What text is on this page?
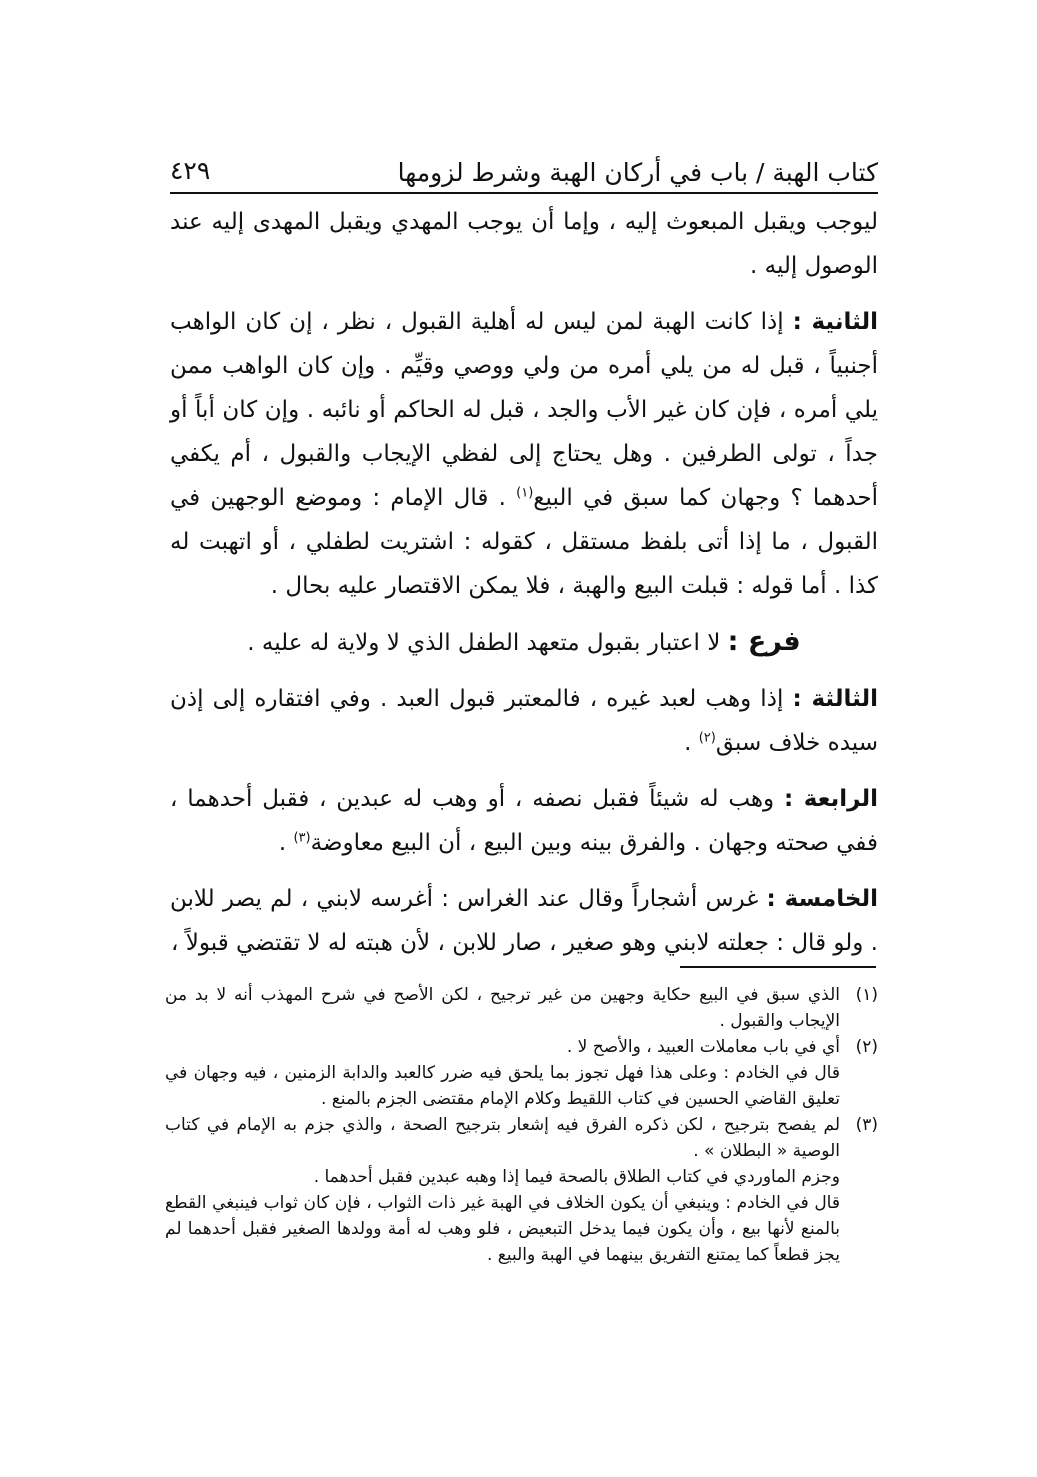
كتاب الهبة / باب في أركان الهبة وشرط لزومها
٤٢٩

ليوجب ويقبل المبعوث إليه ، وإما أن يوجب المهدي ويقبل المهدى إليه عند الوصول إليه .

الثانية : إذا كانت الهبة لمن ليس له أهلية القبول ، نظر ، إن كان الواهب أجنبياً ، قبل له من يلي أمره من ولي ووصي وقيِّم . وإن كان الواهب ممن يلي أمره ، فإن كان غير الأب والجد ، قبل له الحاكم أو نائبه . وإن كان أباً أو جداً ، تولى الطرفين . وهل يحتاج إلى لفظي الإيجاب والقبول ، أم يكفي أحدهما ؟ وجهان كما سبق في البيع$^{(١)}$ . قال الإمام : وموضع الوجهين في القبول ، ما إذا أتى بلفظ مستقل ، كقوله : اشتريت لطفلي ، أو اتهبت له كذا . أما قوله : قبلت البيع والهبة ، فلا يمكن الاقتصار عليه بحال .

فرع : لا اعتبار بقبول متعهد الطفل الذي لا ولاية له عليه .

الثالثة : إذا وهب لعبد غيره ، فالمعتبر قبول العبد . وفي افتقاره إلى إذن سيده خلاف سبق$^{(٢)}$ .

الرابعة : وهب له شيئاً فقبل نصفه ، أو وهب له عبدين ، فقبل أحدهما ، ففي صحته وجهان . والفرق بينه وبين البيع ، أن البيع معاوضة$^{(٣)}$ .

الخامسة : غرس أشجاراً وقال عند الغراس : أغرسه لابني ، لم يصر للابن . ولو قال : جعلته لابني وهو صغير ، صار للابن ، لأن هبته له لا تقتضي قبولاً ،

(١)
الذي سبق في البيع حكاية وجهين من غير ترجيح ، لكن الأصح في شرح المهذب أنه لا بد من الإيجاب والقبول .

(٢)
أي في باب معاملات العبيد ، والأصح لا .

قال في الخادم : وعلى هذا فهل تجوز بما يلحق فيه ضرر كالعبد والدابة الزمنين ، فيه وجهان في تعليق القاضي الحسين في كتاب اللقيط وكلام الإمام مقتضى الجزم بالمنع .

(٣)
لم يفصح بترجيح ، لكن ذكره الفرق فيه إشعار بترجيح الصحة ، والذي جزم به الإمام في كتاب الوصية « البطلان » .

وجزم الماوردي في كتاب الطلاق بالصحة فيما إذا وهبه عبدين فقبل أحدهما .

قال في الخادم : وينبغي أن يكون الخلاف في الهبة غير ذات الثواب ، فإن كان ثواب فينبغي القطع بالمنع لأنها بيع ، وأن يكون فيما يدخل التبعيض ، فلو وهب له أمة وولدها الصغير فقبل أحدهما لم يجز قطعاً كما يمتنع التفريق بينهما في الهبة والبيع .
